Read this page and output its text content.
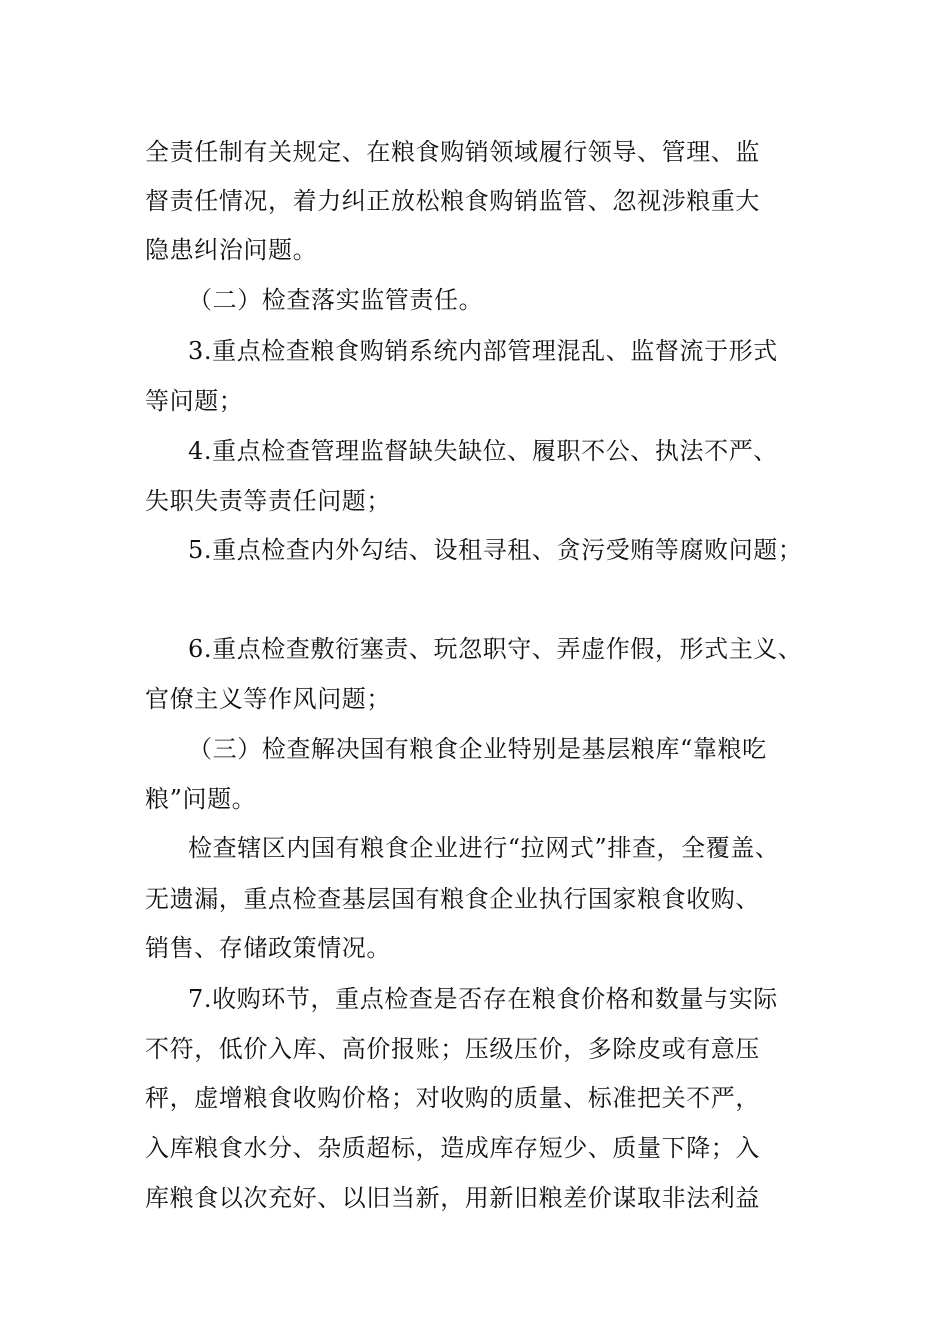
全责任制有关规定、在粮食购销领域履行领导、管理、监
督责任情况，着力纠正放松粮食购销监管、忽视涉粮重大
隐患纠治问题。
（二）检查落实监管责任。
3.重点检查粮食购销系统内部管理混乱、监督流于形式
等问题；
4.重点检查管理监督缺失缺位、履职不公、执法不严、
失职失责等责任问题；
5.重点检查内外勾结、设租寻租、贪污受贿等腐败问题；
6.重点检查敷衍塞责、玩忽职守、弄虚作假，形式主义、
官僚主义等作风问题；
（三）检查解决国有粮食企业特别是基层粮库“靠粮吃
粮”问题。
检查辖区内国有粮食企业进行“拉网式”排查，全覆盖、
无遗漏，重点检查基层国有粮食企业执行国家粮食收购、
销售、存储政策情况。
7.收购环节，重点检查是否存在粮食价格和数量与实际
不符，低价入库、高价报账；压级压价，多除皮或有意压
秤，虚增粮食收购价格；对收购的质量、标准把关不严，
入库粮食水分、杂质超标，造成库存短少、质量下降；入
库粮食以次充好、以旧当新，用新旧粮差价谋取非法利益
